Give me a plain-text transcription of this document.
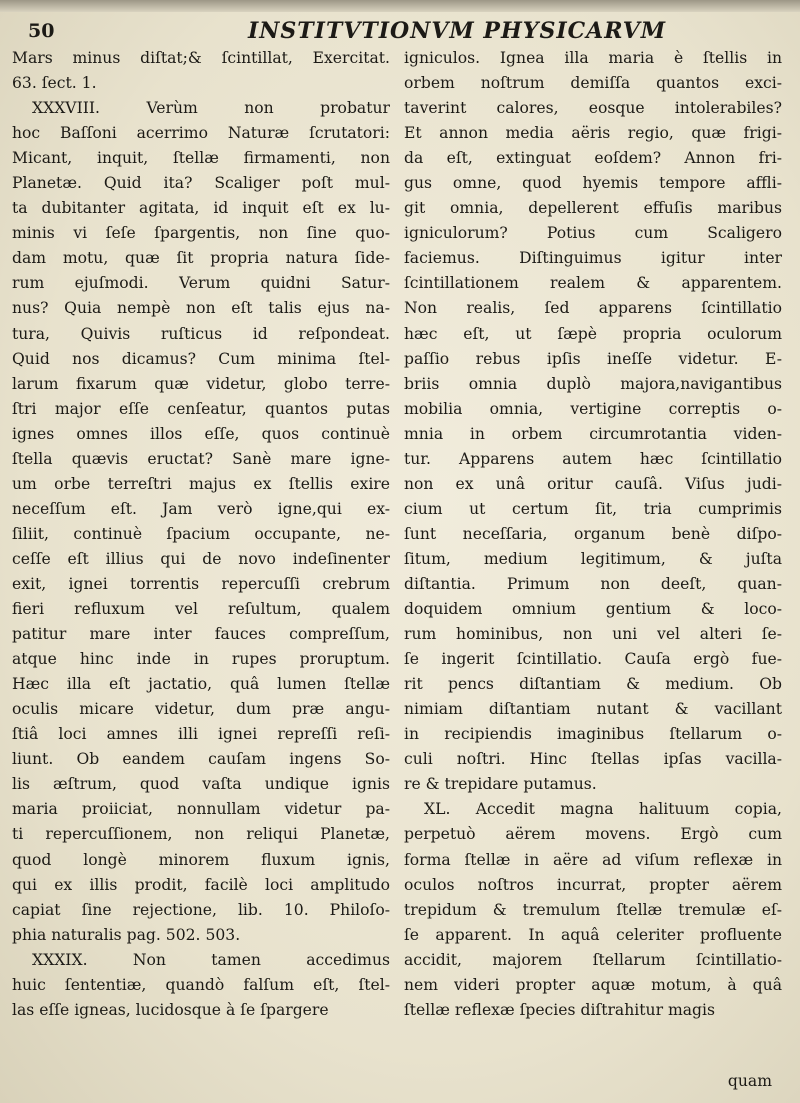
50	INSTITVTIONVM PHYSICARVM
Mars minus diſtat;& ſcintillat, Exercitat.
63. ſect. 1.
XXXVIII. Verùm non probatur
hoc Baſſoni acerrimo Naturæ ſcrutatori:
Micant, inquit, ſtellæ firmamenti, non
Planetæ. Quid ita? Scaliger poſt mul-
ta dubitanter agitata, id inquit eſt ex lu-
minis vi ſeſe ſpargentis, non ſine quo-
dam motu, quæ ſit propria natura ſide-
rum ejuſmodi. Verum quidni Satur-
nus? Quia nempè non eſt talis ejus na-
tura, Quivis ruſticus id reſpondeat.
Quid nos dicamus? Cum minima ſtel-
larum fixarum quæ videtur, globo terre-
ſtri major eſſe cenſeatur, quantos putas
ignes omnes illos eſſe, quos continuè
ſtella quævis eructat? Sanè mare igne-
um orbe terreſtri majus ex ſtellis exire
neceſſum eſt. Jam verò igne,qui ex-
ſiliit, continuè ſpacium occupante, ne-
ceſſe eſt illius qui de novo indeſinenter
exit, ignei torrentis repercuſſi crebrum
fieri refluxum vel reſultum, qualem
patitur mare inter fauces compreſſum,
atque hinc inde in rupes proruptum.
Hæc illa eſt jactatio, quâ lumen ſtellæ
oculis micare videtur, dum præ angu-
ſtiâ loci amnes illi ignei repreſſi reſi-
liunt. Ob eandem cauſam ingens So-
lis æſtrum, quod vaſta undique ignis
maria proiiciat, nonnullam videtur pa-
ti repercuſſionem, non reliqui Planetæ,
quod longè minorem fluxum ignis,
qui ex illis prodit, facilè loci amplitudo
capiat ſine rejectione, lib. 10. Philoſo-
phia naturalis pag. 502. 503.
XXXIX. Non tamen accedimus
huic ſententiæ, quandò falſum eſt, ſtel-
las eſſe igneas, lucidosque à ſe ſpargere
igniculos. Ignea illa maria è ſtellis in
orbem noſtrum demiſſa quantos exci-
taverint calores, eosque intolerabiles?
Et annon media aëris regio, quæ frigi-
da eſt, extinguat eoſdem? Annon fri-
gus omne, quod hyemis tempore affli-
git omnia, depellerent effuſis maribus
igniculorum? Potius cum Scaligero
faciemus. Diſtinguimus igitur inter
ſcintillationem realem & apparentem.
Non realis, ſed apparens ſcintillatio
hæc eſt, ut ſæpè propria oculorum
paſſio rebus ipſis ineſſe videtur. E-
briis omnia duplò majora,navigantibus
mobilia omnia, vertigine correptis o-
mnia in orbem circumrotantia viden-
tur. Apparens autem hæc ſcintillatio
non ex unâ oritur cauſâ. Viſus judi-
cium ut certum ſit, tria cumprimis
ſunt neceſſaria, organum benè diſpo-
ſitum, medium legitimum, & juſta
diſtantia. Primum non deeſt, quan-
doquidem omnium gentium & loco-
rum hominibus, non uni vel alteri ſe-
ſe ingerit ſcintillatio. Cauſa ergò fue-
rit pencs diſtantiam & medium. Ob
nimiam diſtantiam nutant & vacillant
in recipiendis imaginibus ſtellarum o-
culi noſtri. Hinc ſtellas ipſas vacilla-
re & trepidare putamus.
XL. Accedit magna halituum copia,
perpetuò aërem movens. Ergò cum
forma ſtellæ in aëre ad viſum reflexæ in
oculos noſtros incurrat, propter aërem
trepidum & tremulum ſtellæ tremulæ eſ-
ſe apparent. In aquâ celeriter profluente
accidit, majorem ſtellarum ſcintillatio-
nem videri propter aquæ motum, à quâ
ſtellæ reflexæ ſpecies diſtrahitur magis
quam
